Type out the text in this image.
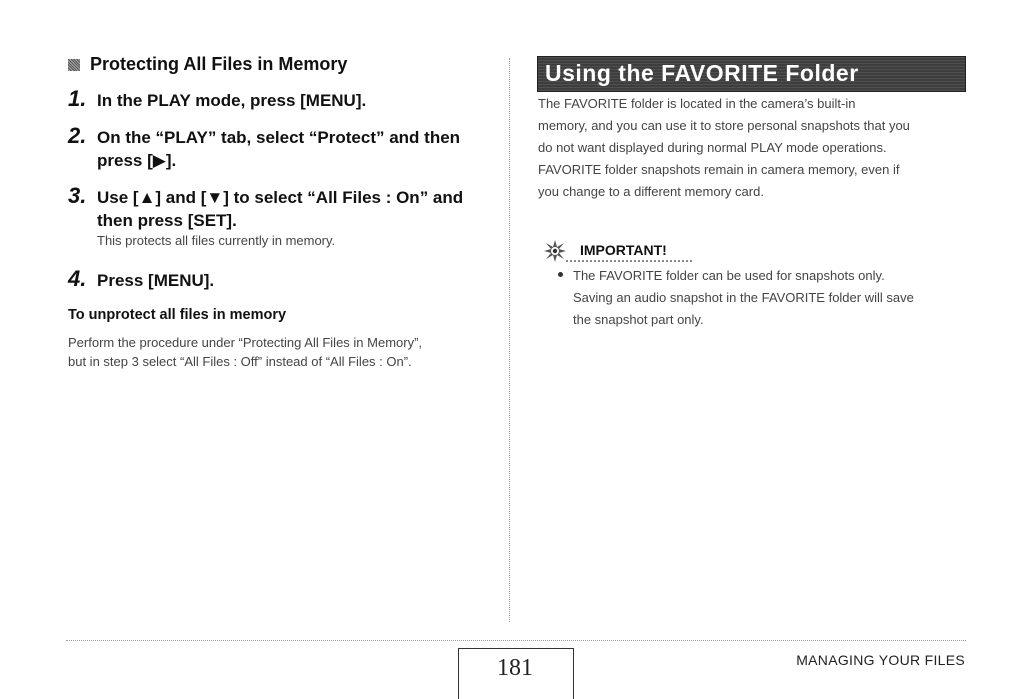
Protecting All Files in Memory
1. In the PLAY mode, press [MENU].
2. On the “PLAY” tab, select “Protect” and then
press [▶].
3. Use [▲] and [▼] to select “All Files : On” and
then press [SET].
This protects all files currently in memory.
4. Press [MENU].
To unprotect all files in memory
Perform the procedure under “Protecting All Files in Memory”,
but in step 3 select “All Files : Off” instead of “All Files : On”.
Using the FAVORITE Folder
The FAVORITE folder is located in the camera’s built-in
memory, and you can use it to store personal snapshots that you
do not want displayed during normal PLAY mode operations.
FAVORITE folder snapshots remain in camera memory, even if
you change to a different memory card.
IMPORTANT!
The FAVORITE folder can be used for snapshots only.
Saving an audio snapshot in the FAVORITE folder will save
the snapshot part only.
181	MANAGING YOUR FILES
